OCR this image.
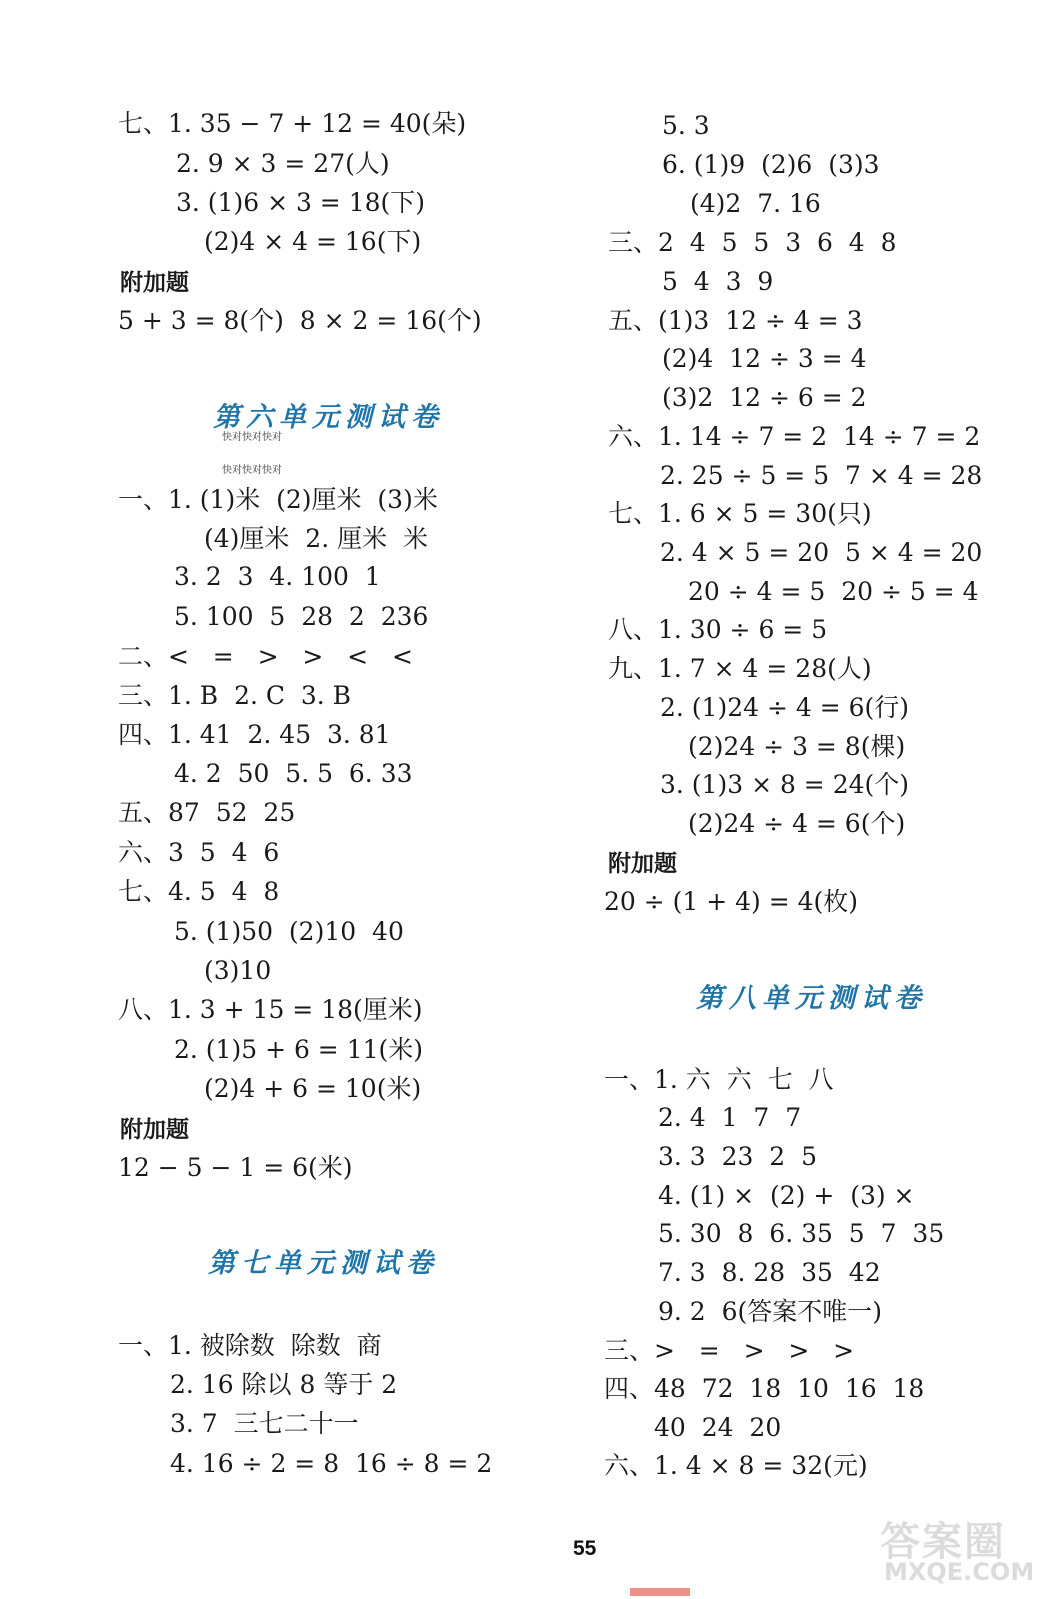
七、1. 35 − 7 + 12 = 40(朵)
2. 9 × 3 = 27(人)
3. (1)6 × 3 = 18(下)
(2)4 × 4 = 16(下)
附加题
5 + 3 = 8(个)  8 × 2 = 16(个)
第六单元测试卷

快对快对快对

快对快对快对

一、1. (1)米  (2)厘米  (3)米
(4)厘米  2. 厘米  米
3. 2  3  4. 100  1
5. 100  5  28  2  236
二、<   =   >   >   <   <
三、1. B  2. C  3. B
四、1. 41  2. 45  3. 81
4. 2  50  5. 5  6. 33
五、87  52  25
六、3  5  4  6
七、4. 5  4  8
5. (1)50  (2)10  40
(3)10
八、1. 3 + 15 = 18(厘米)
2. (1)5 + 6 = 11(米)
(2)4 + 6 = 10(米)
附加题
12 − 5 − 1 = 6(米)
第七单元测试卷
一、1. 被除数  除数  商
2. 16 除以 8 等于 2
3. 7  三七二十一
4. 16 ÷ 2 = 8  16 ÷ 8 = 2
5. 3
6. (1)9  (2)6  (3)3
(4)2  7. 16
三、2  4  5  5  3  6  4  8
5  4  3  9
五、(1)3  12 ÷ 4 = 3
(2)4  12 ÷ 3 = 4
(3)2  12 ÷ 6 = 2
六、1. 14 ÷ 7 = 2  14 ÷ 7 = 2
2. 25 ÷ 5 = 5  7 × 4 = 28
七、1. 6 × 5 = 30(只)
2. 4 × 5 = 20  5 × 4 = 20
20 ÷ 4 = 5  20 ÷ 5 = 4
八、1. 30 ÷ 6 = 5
九、1. 7 × 4 = 28(人)
2. (1)24 ÷ 4 = 6(行)
(2)24 ÷ 3 = 8(棵)
3. (1)3 × 8 = 24(个)
(2)24 ÷ 4 = 6(个)
附加题
20 ÷ (1 + 4) = 4(枚)
第八单元测试卷
一、1. 六  六  七  八
2. 4  1  7  7
3. 3  23  2  5
4. (1) ×  (2) +  (3) ×
5. 30  8  6. 35  5  7  35
7. 3  8. 28  35  42
9. 2  6(答案不唯一)
三、>   =   >   >   >
四、48  72  18  10  16  18
40  24  20
六、1. 4 × 8 = 32(元)
55	答案圈
MXQE.COM
